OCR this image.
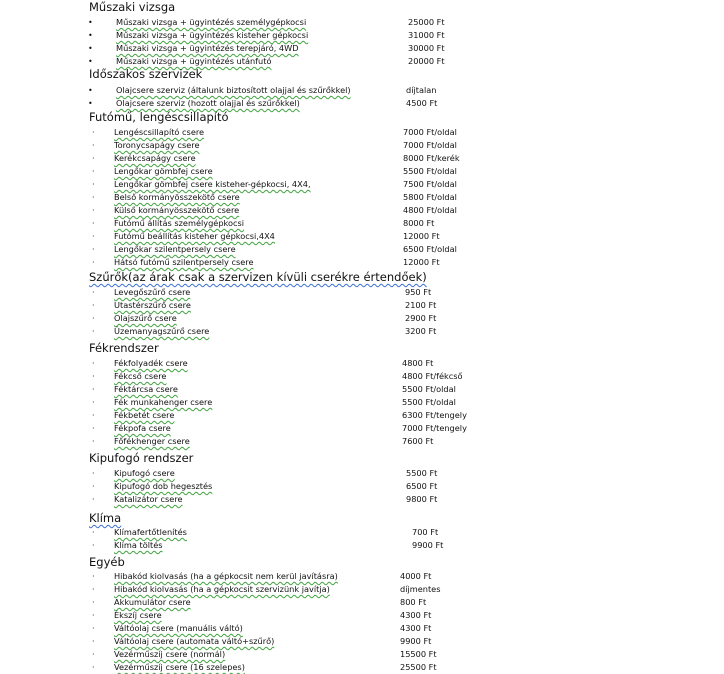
Műszaki vizsga
•	Műszaki vizsga + ügyintézés személygépkocsi	25000 Ft
•	Műszaki vizsga + ügyintézés kisteher gépkocsi	31000 Ft
•	Műszaki vizsga + ügyintézés terepjáró, 4WD	30000 Ft
•	Műszaki vizsga + ügyintézés utánfutó	20000 Ft
Időszakos szervizek
•	Olajcsere szerviz (általunk biztosított olajjal és szűrőkkel)	díjtalan
•	Olajcsere szerviz (hozott olajjal és szűrőkkel)	4500 Ft
Futómű, lengéscsillapító
· Lengéscsillapító csere	7000 Ft/oldal
· Toronycsapágy csere	7000 Ft/oldal
· Kerékcsapágy csere	8000 Ft/kerék
· Lengőkar gömbfej csere	5500 Ft/oldal
· Lengőkar gömbfej csere kisteher-gépkocsi, 4X4,	7500 Ft/oldal
· Belső kormányösszekötő csere	5800 Ft/oldal
· Külső kormányösszekötő csere	4800 Ft/oldal
· Futómű állítás személygépkocsi	8000 Ft
· Futómű beállítás kisteher gépkocsi,4X4	12000 Ft
· Lengőkar szilentpersely csere	6500 Ft/oldal
· Hátsó futómű szilentpersely csere	12000 Ft
Szűrők(az árak csak a szervizen kívüli cserékre értendőek)
· Levegőszűrő csere	950 Ft
· Utastérszűrő csere	2100 Ft
· Olajszűrő csere	2900 Ft
· Üzemanyagszűrő csere	3200 Ft
Fékrendszer
· Fékfolyadék csere	4800 Ft
· Fékcső csere	4800 Ft/fékcső
· Féktárcsa csere	5500 Ft/oldal
· Fék munkahenger csere	5500 Ft/oldal
· Fékbetét csere	6300 Ft/tengely
· Fékpofa csere	7000 Ft/tengely
· Főfékhenger csere	7600 Ft
Kipufogó rendszer
· Kipufogó csere	5500 Ft
· Kipufogó dob hegesztés	6500 Ft
· Katalizátor csere	9800 Ft
Klíma
· Klímafertőtlenítés	700 Ft
· Klíma töltés	9900 Ft
Egyéb
· Hibakód kiolvasás (ha a gépkocsit nem kerül javításra)	4000 Ft
· Hibakód kiolvasás (ha a gépkocsit szervizünk javítja)	díjmentes
· Akkumulátor csere	800 Ft
· Ékszíj csere	4300 Ft
· Váltóolaj csere (manuális váltó)	4300 Ft
· Váltóolaj csere (automata váltó+szűrő)	9900 Ft
· Vezérműszíj csere (normál)	15500 Ft
· Vezérműszíj csere (16 szelepes)	25500 Ft
